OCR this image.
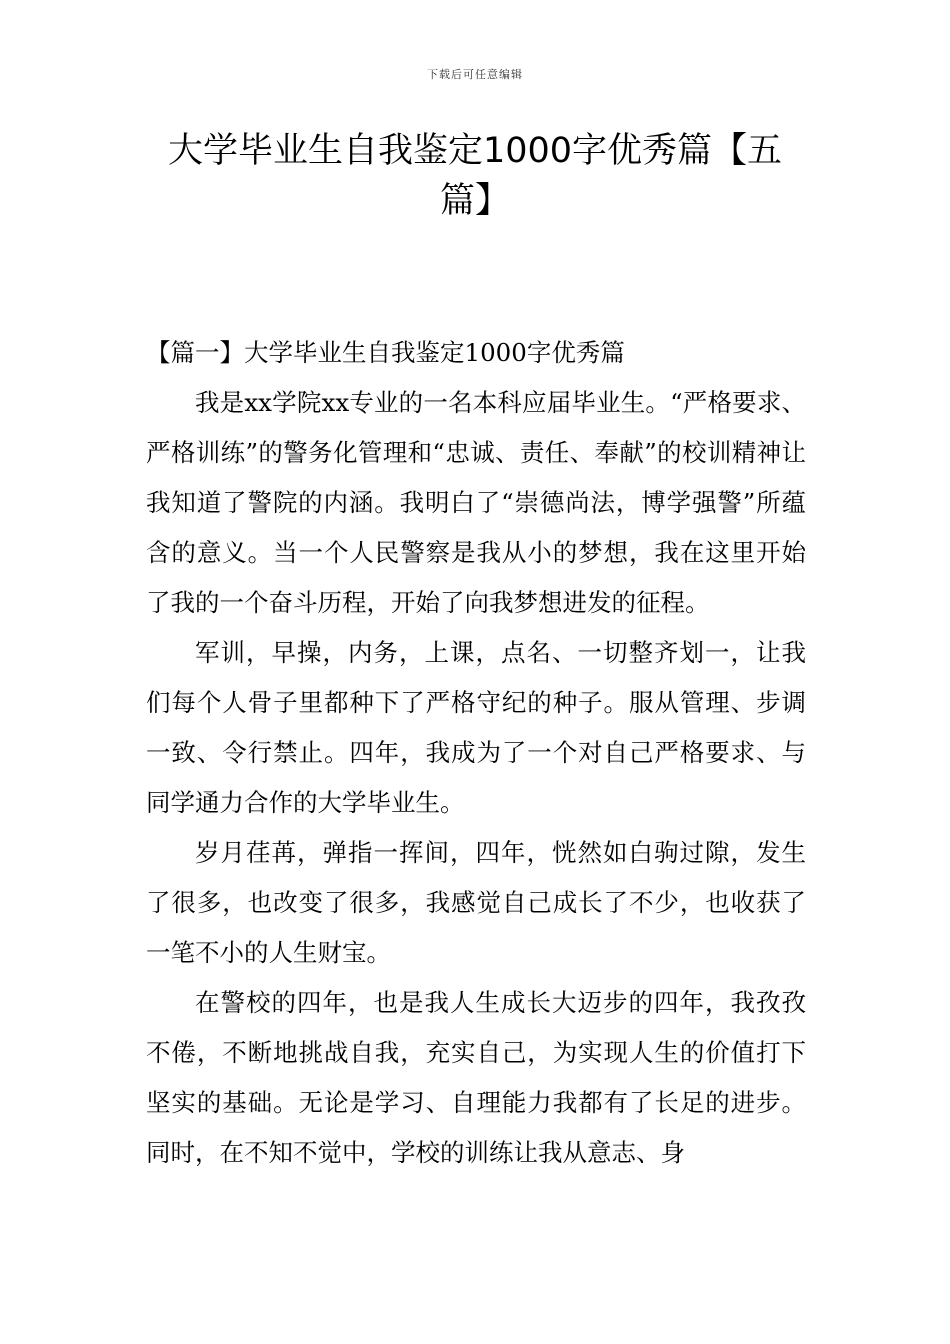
下载后可任意编辑
大学毕业生自我鉴定1000字优秀篇【五篇】
【篇一】大学毕业生自我鉴定1000字优秀篇

我是xx学院xx专业的一名本科应届毕业生。“严格要求、严格训练”的警务化管理和“忠诚、责任、奉献”的校训精神让我知道了警院的内涵。我明白了“崇德尚法，博学强警”所蕴含的意义。当一个人民警察是我从小的梦想，我在这里开始了我的一个奋斗历程，开始了向我梦想进发的征程。

军训，早操，内务，上课，点名、一切整齐划一，让我们每个人骨子里都种下了严格守纪的种子。服从管理、步调一致、令行禁止。四年，我成为了一个对自己严格要求、与同学通力合作的大学毕业生。

岁月荏苒，弹指一挥间，四年，恍然如白驹过隙，发生了很多，也改变了很多，我感觉自己成长了不少，也收获了一笔不小的人生财宝。

在警校的四年，也是我人生成长大迈步的四年，我孜孜不倦，不断地挑战自我，充实自己，为实现人生的价值打下坚实的基础。无论是学习、自理能力我都有了长足的进步。同时，在不知不觉中，学校的训练让我从意志、身
